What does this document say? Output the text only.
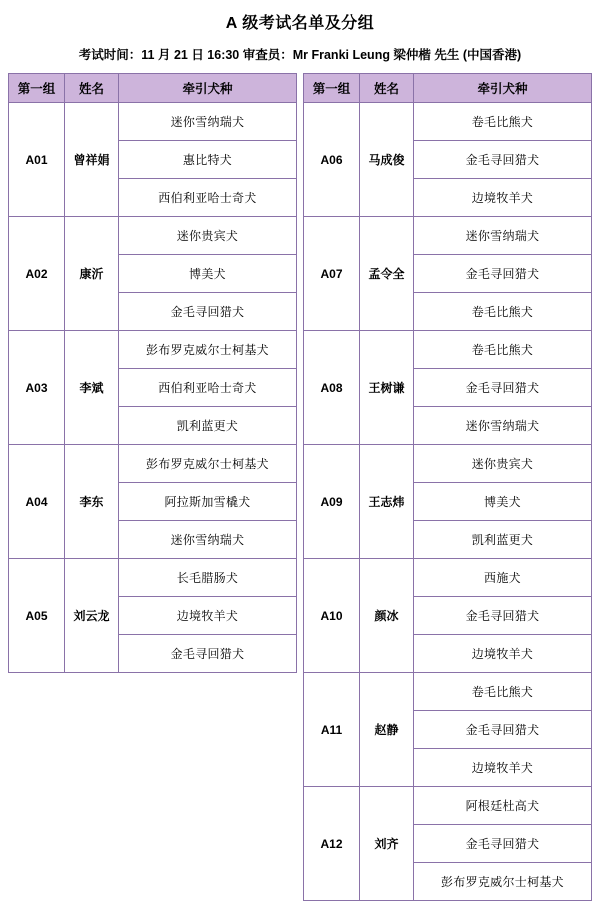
A 级考试名单及分组
考试时间：11 月 21 日 16:30 审查员：Mr Franki Leung 梁仲楷 先生 (中国香港)
第一组	姓名	牵引犬种
A01	曾祥娟	迷你雪纳瑞犬
		惠比特犬
		西伯利亚哈士奇犬
A02	康沂	迷你贵宾犬
		博美犬
		金毛寻回猎犬
A03	李斌	彭布罗克威尔士柯基犬
		西伯利亚哈士奇犬
		凯利蓝更犬
A04	李东	彭布罗克威尔士柯基犬
		阿拉斯加雪橇犬
		迷你雪纳瑞犬
A05	刘云龙	长毛腊肠犬
		边境牧羊犬
		金毛寻回猎犬
第一组	姓名	牵引犬种
A06	马成俊	卷毛比熊犬
		金毛寻回猎犬
		边境牧羊犬
A07	孟令全	迷你雪纳瑞犬
		金毛寻回猎犬
		卷毛比熊犬
A08	王树谦	卷毛比熊犬
		金毛寻回猎犬
		迷你雪纳瑞犬
A09	王志炜	迷你贵宾犬
		博美犬
		凯利蓝更犬
A10	颜冰	西施犬
		金毛寻回猎犬
		边境牧羊犬
A11	赵静	卷毛比熊犬
		金毛寻回猎犬
		边境牧羊犬
A12	刘齐	阿根廷杜高犬
		金毛寻回猎犬
		彭布罗克威尔士柯基犬
